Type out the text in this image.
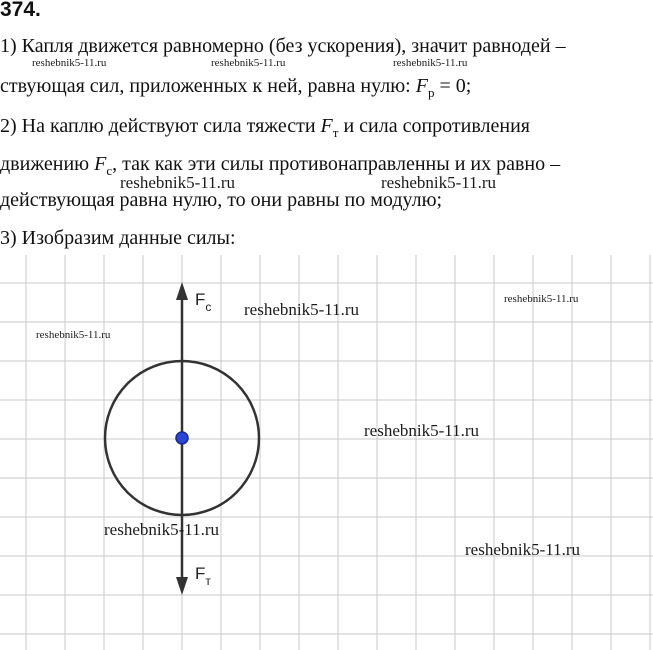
374.
1) Капля движется равномерно (без ускорения), значит равнодей –
ствующая сил, приложенных к ней, равна нулю: $F_р = 0$;
2) На каплю действуют сила тяжести $F_т$ и сила сопротивления
движению $F_с$, так как эти силы противонаправленны и их равно –
действующая равна нулю, то они равны по модулю;
3) Изобразим данные силы:
$F_c$
$F_т$
reshebnik5-11.ru	reshebnik5-11.ru	reshebnik5-11.ru
reshebnik5-11.ru	reshebnik5-11.ru
reshebnik5-11.ru
reshebnik5-11.ru
reshebnik5-11.ru
reshebnik5-11.ru
reshebnik5-11.ru
reshebnik5-11.ru
